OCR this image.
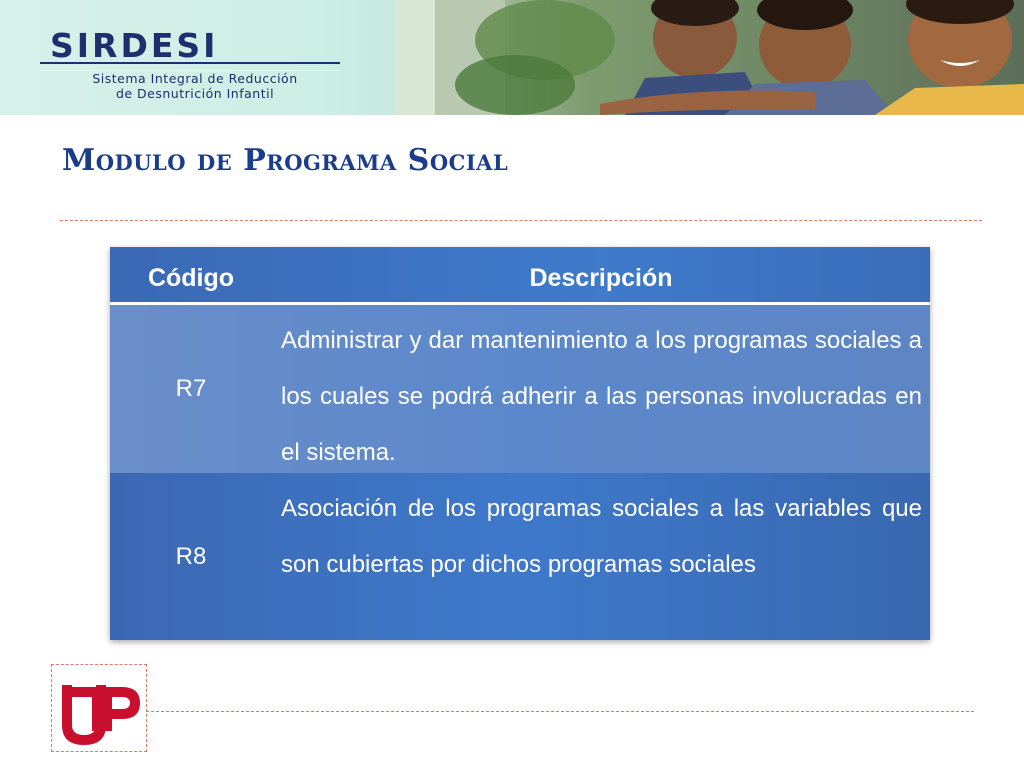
SIRDESI
Sistema Integral de Reducción
de Desnutrición Infantil
Modulo de Programa Social
Código	Descripción
R7
Administrar y dar mantenimiento a los programas sociales a los cuales se podrá adherir a las personas involucradas en el sistema.
R8
Asociación de los programas sociales a las variables que son cubiertas por dichos programas sociales
